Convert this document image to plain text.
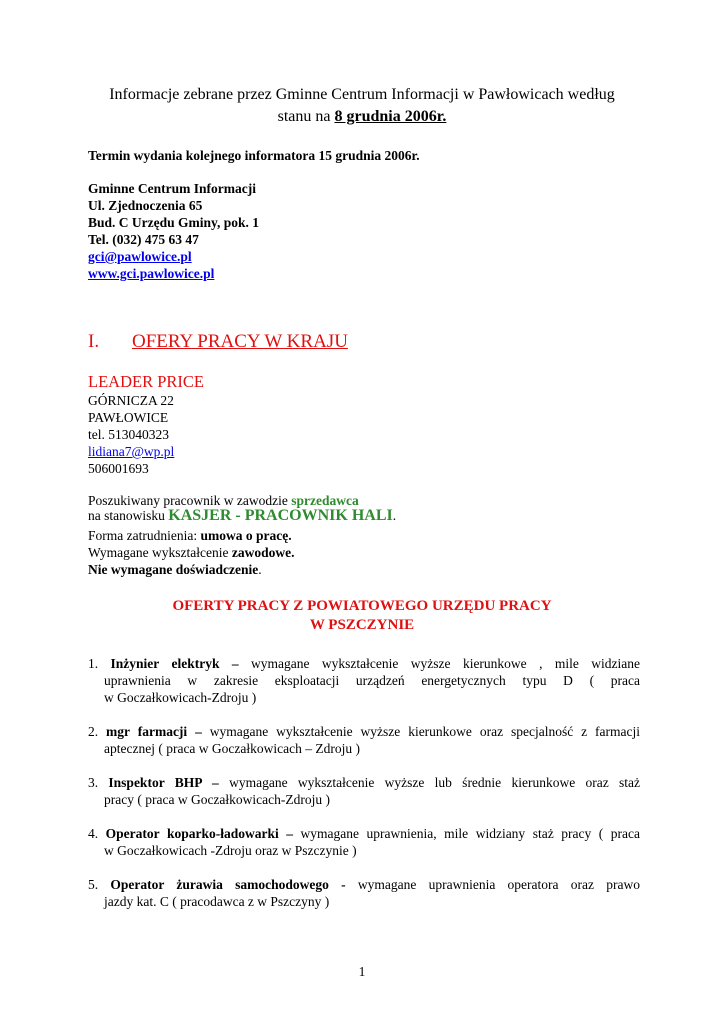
Informacje zebrane przez Gminne Centrum Informacji w Pawłowicach według
stanu na 8 grudnia 2006r.
Termin wydania kolejnego informatora 15 grudnia 2006r.
Gminne Centrum Informacji
Ul. Zjednoczenia 65
Bud. C Urzędu Gminy, pok. 1
Tel. (032) 475 63 47
gci@pawlowice.pl
www.gci.pawlowice.pl
I. OFERY PRACY W KRAJU
LEADER PRICE
GÓRNICZA 22
PAWŁOWICE
tel. 513040323
lidiana7@wp.pl
506001693
Poszukiwany pracownik w zawodzie sprzedawca
na stanowisku KASJER - PRACOWNIK HALI.
Forma zatrudnienia: umowa o pracę.
Wymagane wykształcenie zawodowe.
Nie wymagane doświadczenie.
OFERTY PRACY Z POWIATOWEGO URZĘDU PRACY
W PSZCZYNIE
1. Inżynier elektryk – wymagane wykształcenie wyższe kierunkowe , mile widziane
uprawnienia w zakresie eksploatacji urządzeń energetycznych typu D ( praca
w Goczałkowicach-Zdroju )
2. mgr farmacji – wymagane wykształcenie wyższe kierunkowe oraz specjalność z farmacji
aptecznej ( praca w Goczałkowicach – Zdroju )
3. Inspektor BHP – wymagane wykształcenie wyższe lub średnie kierunkowe oraz staż
pracy ( praca w Goczałkowicach-Zdroju )
4. Operator koparko-ładowarki – wymagane uprawnienia, mile widziany staż pracy ( praca
w Goczałkowicach -Zdroju oraz w Pszczynie )
5. Operator żurawia samochodowego - wymagane uprawnienia operatora oraz prawo
jazdy kat. C ( pracodawca z w Pszczyny )
1
